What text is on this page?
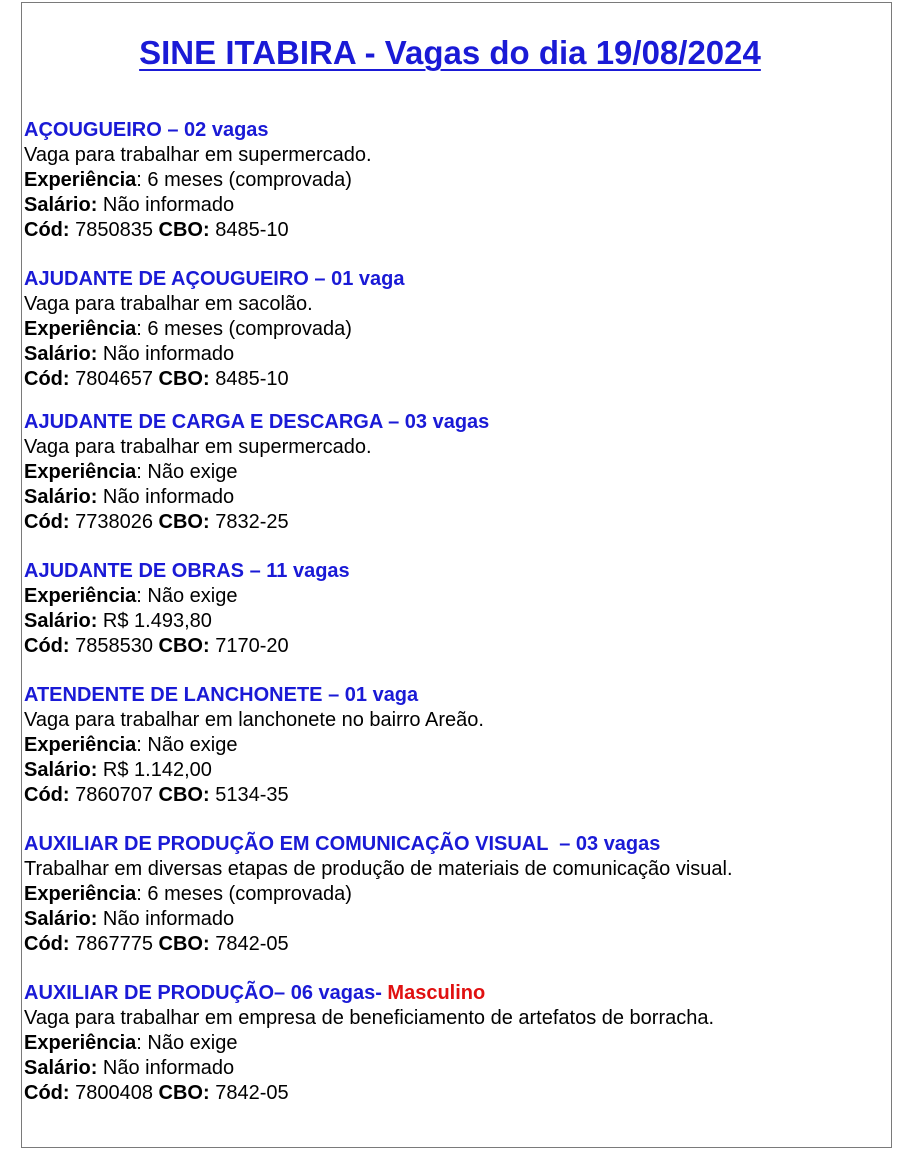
SINE ITABIRA - Vagas do dia 19/08/2024
AÇOUGUEIRO – 02 vagas
Vaga para trabalhar em supermercado.
Experiência: 6 meses (comprovada)
Salário: Não informado
Cód: 7850835 CBO: 8485-10
AJUDANTE DE AÇOUGUEIRO – 01 vaga
Vaga para trabalhar em sacolão.
Experiência: 6 meses (comprovada)
Salário: Não informado
Cód: 7804657 CBO: 8485-10
AJUDANTE DE CARGA E DESCARGA – 03 vagas
Vaga para trabalhar em supermercado.
Experiência: Não exige
Salário: Não informado
Cód: 7738026 CBO: 7832-25
AJUDANTE DE OBRAS – 11 vagas
Experiência: Não exige
Salário: R$ 1.493,80
Cód: 7858530 CBO: 7170-20
ATENDENTE DE LANCHONETE – 01 vaga
Vaga para trabalhar em lanchonete no bairro Areão.
Experiência: Não exige
Salário: R$ 1.142,00
Cód: 7860707 CBO: 5134-35
AUXILIAR DE PRODUÇÃO EM COMUNICAÇÃO VISUAL  – 03 vagas
Trabalhar em diversas etapas de produção de materiais de comunicação visual.
Experiência: 6 meses (comprovada)
Salário: Não informado
Cód: 7867775 CBO: 7842-05
AUXILIAR DE PRODUÇÃO– 06 vagas- Masculino
Vaga para trabalhar em empresa de beneficiamento de artefatos de borracha.
Experiência: Não exige
Salário: Não informado
Cód: 7800408 CBO: 7842-05
